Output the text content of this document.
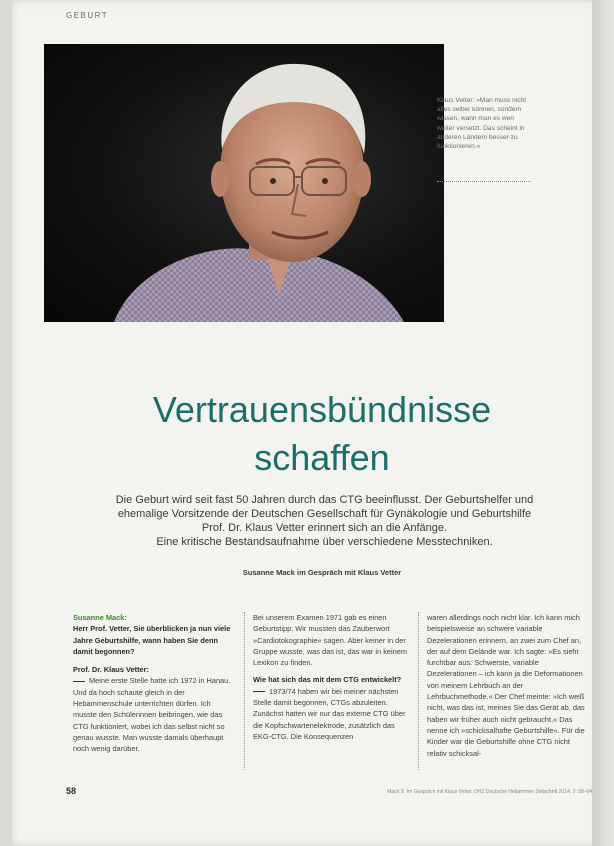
GEBURT
Klaus Vetter: »Man muss nicht alles selber können, sondern wissen, wann man es wen weiter versetzt. Das scheint in anderen Ländern besser zu funktionieren.«
Vertrauensbündnisse
schaffen
Die Geburt wird seit fast 50 Jahren durch das CTG beeinflusst. Der Geburtshelfer und
ehemalige Vorsitzende der Deutschen Gesellschaft für Gynäkologie und Geburtshilfe
Prof. Dr. Klaus Vetter erinnert sich an die Anfänge.
Eine kritische Bestandsaufnahme über verschiedene Messtechniken.
Susanne Mack im Gespräch mit Klaus Vetter

Susanne Mack:

Herr Prof. Vetter, Sie überblicken ja nun viele Jahre Geburtshilfe, wann haben Sie denn damit begonnen?

Prof. Dr. Klaus Vetter:

Meine erste Stelle hatte ich 1972 in Hanau. Und da hoch schaute gleich in der Hebammenschule unterrichten dürfen. Ich musste den Schülerinnen beibringen, wie das CTG funktioniert, wobei ich das selbst nicht so genau wusste. Man wusste damals überhaupt noch wenig darüber.

Bei unserem Examen 1971 gab es einen Geburtstipp: Wir mussten das Zauberwort »Cardiotokographie« sagen. Aber keiner in der Gruppe wusste, was das ist, das war in keinem Lexikon zu finden.

Wie hat sich das mit dem CTG entwickelt?

1973/74 haben wir bei meiner nächsten Stelle damit begonnen, CTGs abzuleiten. Zunächst hatten wir nur das externe CTG über die Kopfschwartenelektrode, zusätzlich das EKG-CTG. Die Konsequenzen

waren allerdings noch nicht klar. Ich kann mich beispielsweise an schwere variable Dezelerationen erinnern, an zwei zum Chef an, der auf dem Gelände war. Ich sagte: »Es sieht furchtbar aus: Schwerste, variable Dezelerationen – ich kann ja die Deformationen von meinem Lehrbuch an der Lehrbuchmethode.« Der Chef meinte: »Ich weiß nicht, was das ist, meines Sie das Gerät ab, das haben wir früher auch nicht gebraucht.« Das nenne ich »schicksalhafte Geburtshilfe«. Für die Kinder war die Geburtshilfe ohne CTG nicht relativ schicksal-

58	Mack S. Im Gespräch mit Klaus Vetter. DHZ Deutsche Hebammen Zeitschrift 2014; 2: 58–64
